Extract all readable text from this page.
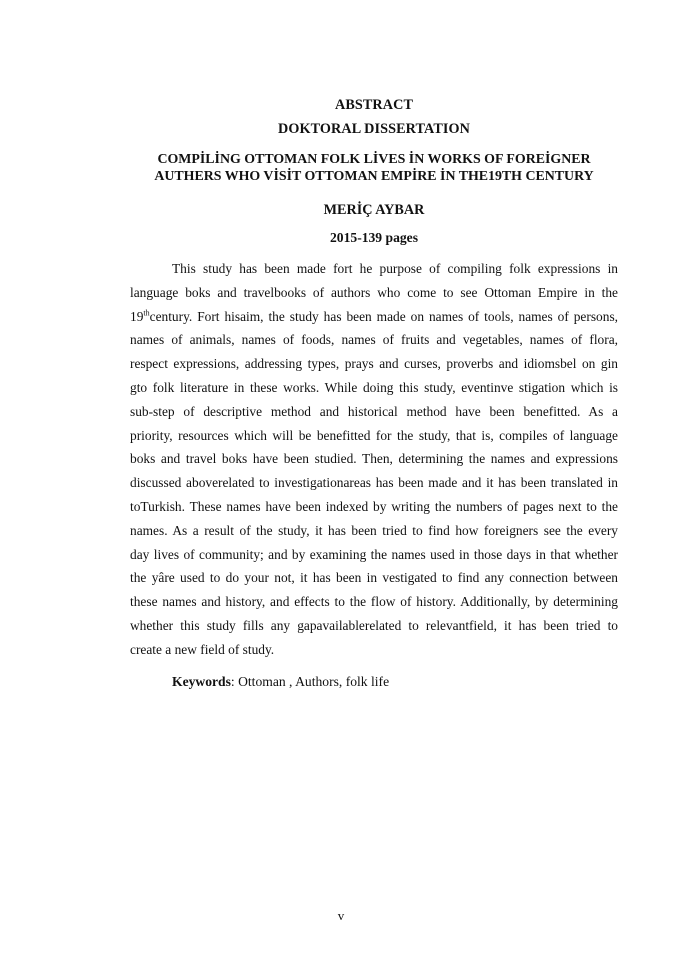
ABSTRACT
DOKTORAL DISSERTATION
COMPİLİNG OTTOMAN FOLK LİVES İN WORKS OF FOREİGNER
AUTHERS WHO VİSİT OTTOMAN EMPİRE İN THE19TH CENTURY
MERİÇ AYBAR
2015-139 pages
This study has been made fort he purpose of compiling folk expressions in
language boks and travelbooks of authors who come to see Ottoman Empire in the
19thcentury. Fort hisaim, the study has been made on names of tools, names of persons,
names of animals, names of foods, names of fruits and vegetables, names of flora,
respect expressions, addressing types, prays and curses, proverbs and idiomsbel on gin
gto folk literature in these works. While doing this study, eventinve stigation which is
sub-step of descriptive method and historical method have been benefitted. As a
priority, resources which will be benefitted for the study, that is, compiles of language
boks and travel boks have been studied. Then, determining the names and expressions
discussed aboverelated to investigationareas has been made and it has been translated in
toTurkish. These names have been indexed by writing the numbers of pages next to the
names. As a result of the study, it has been tried to find how foreigners see the every
day lives of community; and by examining the names used in those days in that whether
the yâre used to do your not, it has been in vestigated to find any connection between
these names and history, and effects to the flow of history. Additionally, by determining
whether this study fills any gapavailablerelated to relevantfield, it has been tried to
create a new field of study.
Keywords: Ottoman , Authors, folk life
v
